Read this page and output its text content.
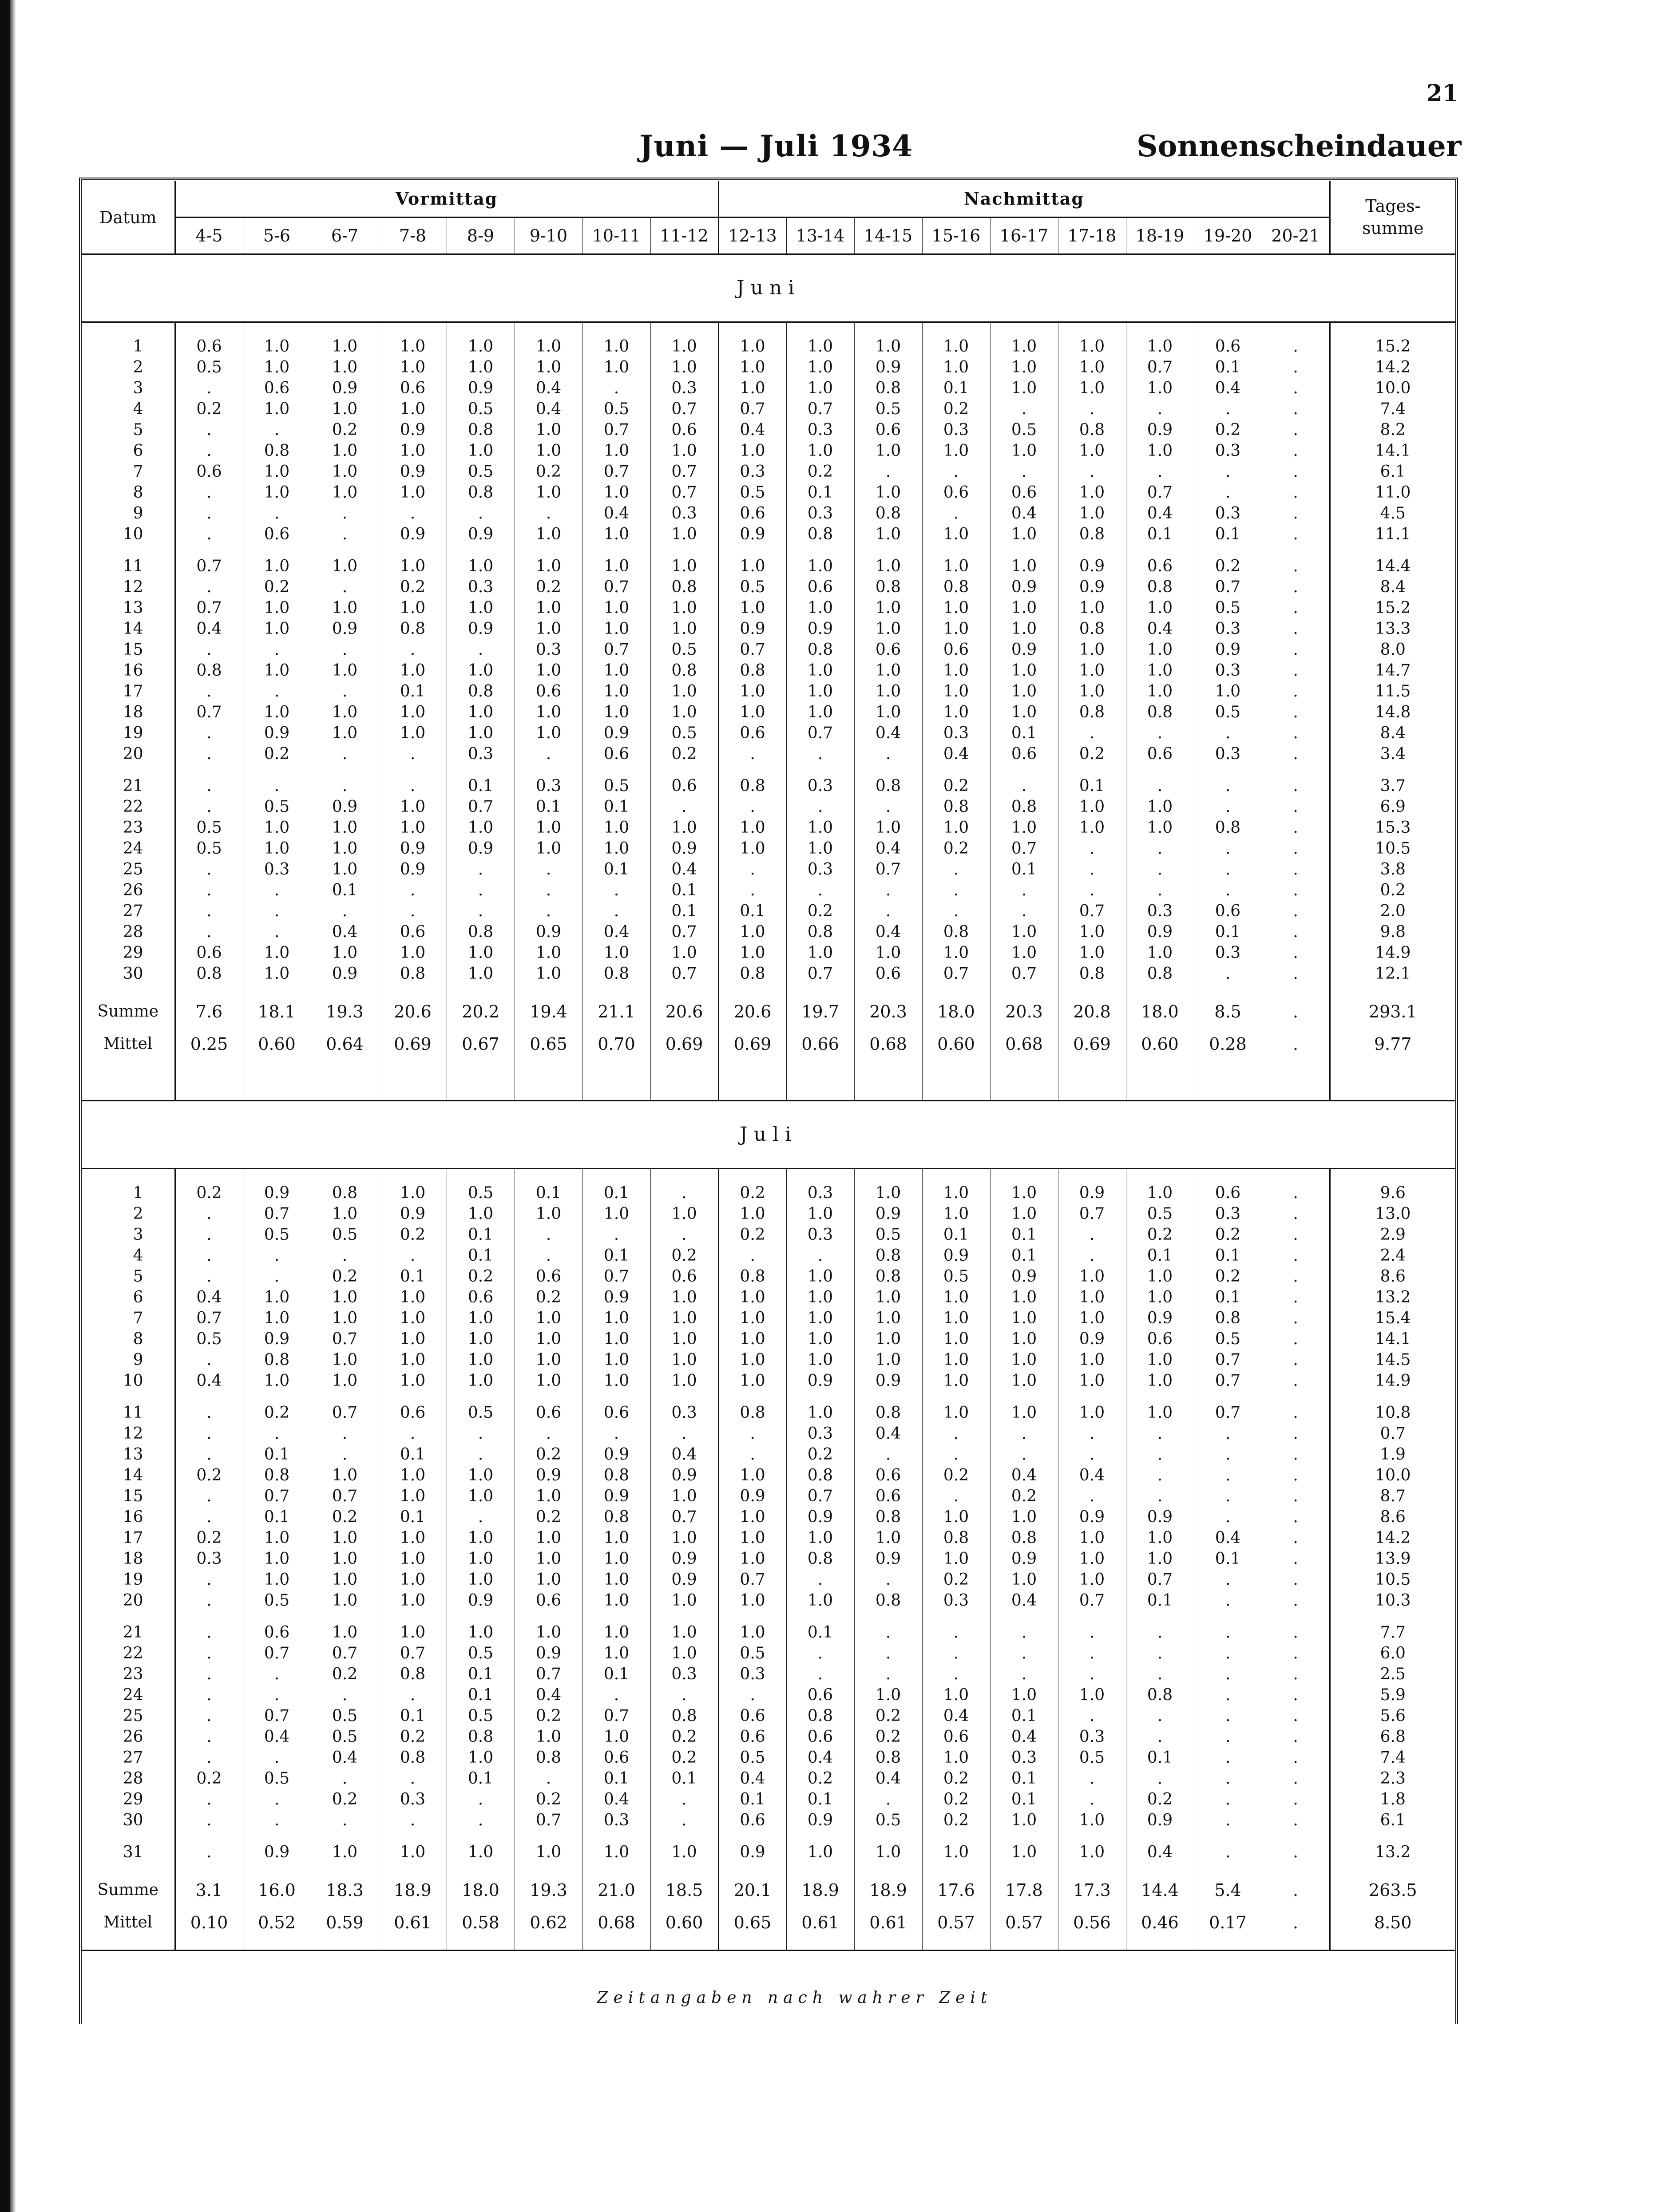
21
Juni — Juli 1934	Sonnenscheindauer
Datum	Vormittag								Nachmittag									Tages-
summe
	4-5	5-6	6-7	7-8	8-9	9-10	10-11	11-12	12-13	13-14	14-15	15-16	16-17	17-18	18-19	19-20	20-21	
Juni																		

1	0.6	1.0	1.0	1.0	1.0	1.0	1.0	1.0	1.0	1.0	1.0	1.0	1.0	1.0	1.0	0.6	.	15.2
2	0.5	1.0	1.0	1.0	1.0	1.0	1.0	1.0	1.0	1.0	0.9	1.0	1.0	1.0	0.7	0.1	.	14.2
3	.	0.6	0.9	0.6	0.9	0.4	.	0.3	1.0	1.0	0.8	0.1	1.0	1.0	1.0	0.4	.	10.0
4	0.2	1.0	1.0	1.0	0.5	0.4	0.5	0.7	0.7	0.7	0.5	0.2	.	.	.	.	.	7.4
5	.	.	0.2	0.9	0.8	1.0	0.7	0.6	0.4	0.3	0.6	0.3	0.5	0.8	0.9	0.2	.	8.2
6	.	0.8	1.0	1.0	1.0	1.0	1.0	1.0	1.0	1.0	1.0	1.0	1.0	1.0	1.0	0.3	.	14.1
7	0.6	1.0	1.0	0.9	0.5	0.2	0.7	0.7	0.3	0.2	.	.	.	.	.	.	.	6.1
8	.	1.0	1.0	1.0	0.8	1.0	1.0	0.7	0.5	0.1	1.0	0.6	0.6	1.0	0.7	.	.	11.0
9	.	.	.	.	.	.	0.4	0.3	0.6	0.3	0.8	.	0.4	1.0	0.4	0.3	.	4.5
10	.	0.6	.	0.9	0.9	1.0	1.0	1.0	0.9	0.8	1.0	1.0	1.0	0.8	0.1	0.1	.	11.1

11	0.7	1.0	1.0	1.0	1.0	1.0	1.0	1.0	1.0	1.0	1.0	1.0	1.0	0.9	0.6	0.2	.	14.4
12	.	0.2	.	0.2	0.3	0.2	0.7	0.8	0.5	0.6	0.8	0.8	0.9	0.9	0.8	0.7	.	8.4
13	0.7	1.0	1.0	1.0	1.0	1.0	1.0	1.0	1.0	1.0	1.0	1.0	1.0	1.0	1.0	0.5	.	15.2
14	0.4	1.0	0.9	0.8	0.9	1.0	1.0	1.0	0.9	0.9	1.0	1.0	1.0	0.8	0.4	0.3	.	13.3
15	.	.	.	.	.	0.3	0.7	0.5	0.7	0.8	0.6	0.6	0.9	1.0	1.0	0.9	.	8.0
16	0.8	1.0	1.0	1.0	1.0	1.0	1.0	0.8	0.8	1.0	1.0	1.0	1.0	1.0	1.0	0.3	.	14.7
17	.	.	.	0.1	0.8	0.6	1.0	1.0	1.0	1.0	1.0	1.0	1.0	1.0	1.0	1.0	.	11.5
18	0.7	1.0	1.0	1.0	1.0	1.0	1.0	1.0	1.0	1.0	1.0	1.0	1.0	0.8	0.8	0.5	.	14.8
19	.	0.9	1.0	1.0	1.0	1.0	0.9	0.5	0.6	0.7	0.4	0.3	0.1	.	.	.	.	8.4
20	.	0.2	.	.	0.3	.	0.6	0.2	.	.	.	0.4	0.6	0.2	0.6	0.3	.	3.4

21	.	.	.	.	0.1	0.3	0.5	0.6	0.8	0.3	0.8	0.2	.	0.1	.	.	.	3.7
22	.	0.5	0.9	1.0	0.7	0.1	0.1	.	.	.	.	0.8	0.8	1.0	1.0	.	.	6.9
23	0.5	1.0	1.0	1.0	1.0	1.0	1.0	1.0	1.0	1.0	1.0	1.0	1.0	1.0	1.0	0.8	.	15.3
24	0.5	1.0	1.0	0.9	0.9	1.0	1.0	0.9	1.0	1.0	0.4	0.2	0.7	.	.	.	.	10.5
25	.	0.3	1.0	0.9	.	.	0.1	0.4	.	0.3	0.7	.	0.1	.	.	.	.	3.8
26	.	.	0.1	.	.	.	.	0.1	.	.	.	.	.	.	.	.	.	0.2
27	.	.	.	.	.	.	.	0.1	0.1	0.2	.	.	.	0.7	0.3	0.6	.	2.0
28	.	.	0.4	0.6	0.8	0.9	0.4	0.7	1.0	0.8	0.4	0.8	1.0	1.0	0.9	0.1	.	9.8
29	0.6	1.0	1.0	1.0	1.0	1.0	1.0	1.0	1.0	1.0	1.0	1.0	1.0	1.0	1.0	0.3	.	14.9
30	0.8	1.0	0.9	0.8	1.0	1.0	0.8	0.7	0.8	0.7	0.6	0.7	0.7	0.8	0.8	.	.	12.1

Summe	7.6	18.1	19.3	20.6	20.2	19.4	21.1	20.6	20.6	19.7	20.3	18.0	20.3	20.8	18.0	8.5	.	293.1
Mittel	0.25	0.60	0.64	0.69	0.67	0.65	0.70	0.69	0.69	0.66	0.68	0.60	0.68	0.69	0.60	0.28	.	9.77

Juli																		

1	0.2	0.9	0.8	1.0	0.5	0.1	0.1	.	0.2	0.3	1.0	1.0	1.0	0.9	1.0	0.6	.	9.6
2	.	0.7	1.0	0.9	1.0	1.0	1.0	1.0	1.0	1.0	0.9	1.0	1.0	0.7	0.5	0.3	.	13.0
3	.	0.5	0.5	0.2	0.1	.	.	.	0.2	0.3	0.5	0.1	0.1	.	0.2	0.2	.	2.9
4	.	.	.	.	0.1	.	0.1	0.2	.	.	0.8	0.9	0.1	.	0.1	0.1	.	2.4
5	.	.	0.2	0.1	0.2	0.6	0.7	0.6	0.8	1.0	0.8	0.5	0.9	1.0	1.0	0.2	.	8.6
6	0.4	1.0	1.0	1.0	0.6	0.2	0.9	1.0	1.0	1.0	1.0	1.0	1.0	1.0	1.0	0.1	.	13.2
7	0.7	1.0	1.0	1.0	1.0	1.0	1.0	1.0	1.0	1.0	1.0	1.0	1.0	1.0	0.9	0.8	.	15.4
8	0.5	0.9	0.7	1.0	1.0	1.0	1.0	1.0	1.0	1.0	1.0	1.0	1.0	0.9	0.6	0.5	.	14.1
9	.	0.8	1.0	1.0	1.0	1.0	1.0	1.0	1.0	1.0	1.0	1.0	1.0	1.0	1.0	0.7	.	14.5
10	0.4	1.0	1.0	1.0	1.0	1.0	1.0	1.0	1.0	0.9	0.9	1.0	1.0	1.0	1.0	0.7	.	14.9

11	.	0.2	0.7	0.6	0.5	0.6	0.6	0.3	0.8	1.0	0.8	1.0	1.0	1.0	1.0	0.7	.	10.8
12	.	.	.	.	.	.	.	.	.	0.3	0.4	.	.	.	.	.	.	0.7
13	.	0.1	.	0.1	.	0.2	0.9	0.4	.	0.2	.	.	.	.	.	.	.	1.9
14	0.2	0.8	1.0	1.0	1.0	0.9	0.8	0.9	1.0	0.8	0.6	0.2	0.4	0.4	.	.	.	10.0
15	.	0.7	0.7	1.0	1.0	1.0	0.9	1.0	0.9	0.7	0.6	.	0.2	.	.	.	.	8.7
16	.	0.1	0.2	0.1	.	0.2	0.8	0.7	1.0	0.9	0.8	1.0	1.0	0.9	0.9	.	.	8.6
17	0.2	1.0	1.0	1.0	1.0	1.0	1.0	1.0	1.0	1.0	1.0	0.8	0.8	1.0	1.0	0.4	.	14.2
18	0.3	1.0	1.0	1.0	1.0	1.0	1.0	0.9	1.0	0.8	0.9	1.0	0.9	1.0	1.0	0.1	.	13.9
19	.	1.0	1.0	1.0	1.0	1.0	1.0	0.9	0.7	.	.	0.2	1.0	1.0	0.7	.	.	10.5
20	.	0.5	1.0	1.0	0.9	0.6	1.0	1.0	1.0	1.0	0.8	0.3	0.4	0.7	0.1	.	.	10.3

21	.	0.6	1.0	1.0	1.0	1.0	1.0	1.0	1.0	0.1	.	.	.	.	.	.	.	7.7
22	.	0.7	0.7	0.7	0.5	0.9	1.0	1.0	0.5	.	.	.	.	.	.	.	.	6.0
23	.	.	0.2	0.8	0.1	0.7	0.1	0.3	0.3	.	.	.	.	.	.	.	.	2.5
24	.	.	.	.	0.1	0.4	.	.	.	0.6	1.0	1.0	1.0	1.0	0.8	.	.	5.9
25	.	0.7	0.5	0.1	0.5	0.2	0.7	0.8	0.6	0.8	0.2	0.4	0.1	.	.	.	.	5.6
26	.	0.4	0.5	0.2	0.8	1.0	1.0	0.2	0.6	0.6	0.2	0.6	0.4	0.3	.	.	.	6.8
27	.	.	0.4	0.8	1.0	0.8	0.6	0.2	0.5	0.4	0.8	1.0	0.3	0.5	0.1	.	.	7.4
28	0.2	0.5	.	.	0.1	.	0.1	0.1	0.4	0.2	0.4	0.2	0.1	.	.	.	.	2.3
29	.	.	0.2	0.3	.	0.2	0.4	.	0.1	0.1	.	0.2	0.1	.	0.2	.	.	1.8
30	.	.	.	.	.	0.7	0.3	.	0.6	0.9	0.5	0.2	1.0	1.0	0.9	.	.	6.1

31	.	0.9	1.0	1.0	1.0	1.0	1.0	1.0	0.9	1.0	1.0	1.0	1.0	1.0	0.4	.	.	13.2

Summe	3.1	16.0	18.3	18.9	18.0	19.3	21.0	18.5	20.1	18.9	18.9	17.6	17.8	17.3	14.4	5.4	.	263.5
Mittel	0.10	0.52	0.59	0.61	0.58	0.62	0.68	0.60	0.65	0.61	0.61	0.57	0.57	0.56	0.46	0.17	.	8.50

Zeitangaben nach wahrer Zeit
